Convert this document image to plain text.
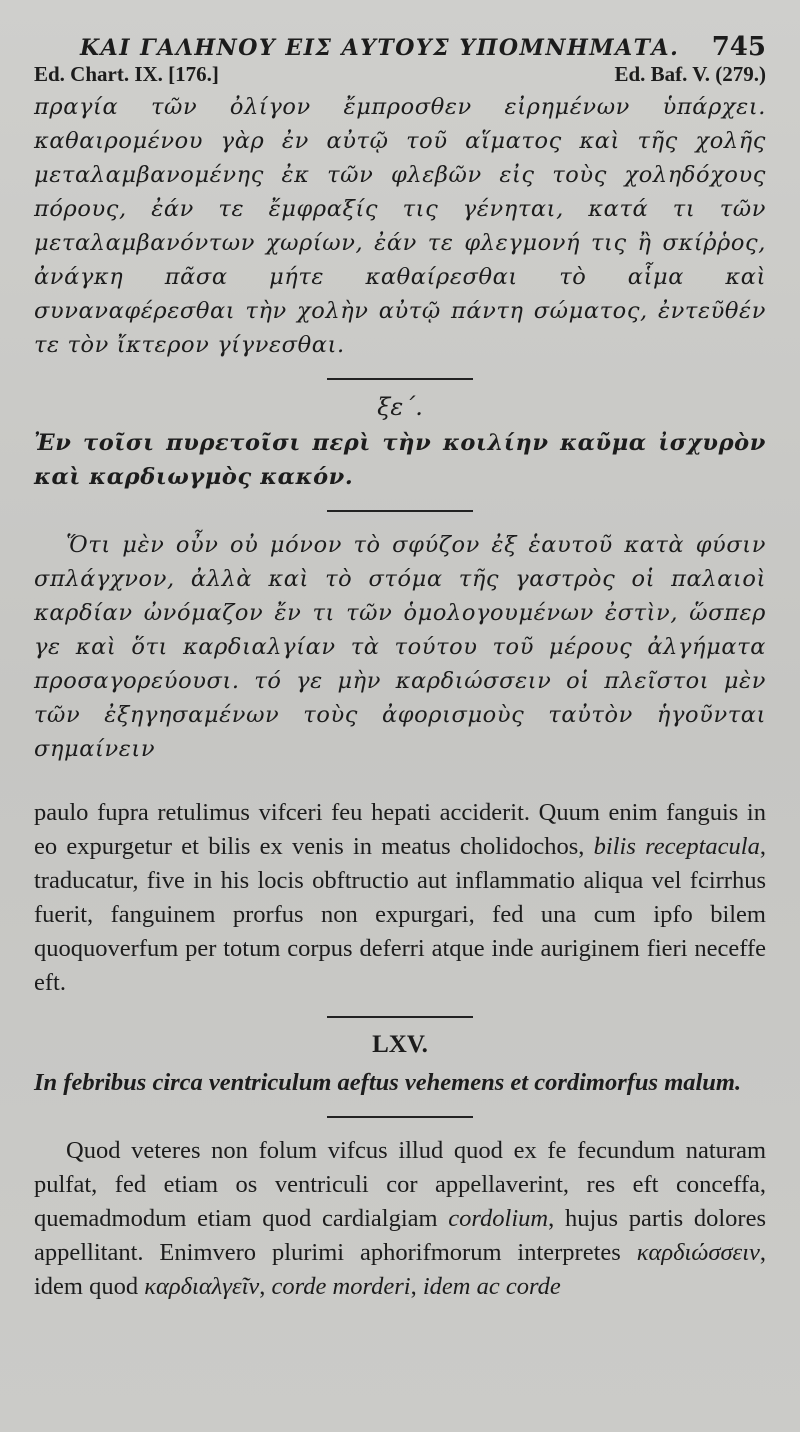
ΚΑΙ ΓΑΛΗΝΟΥ ΕΙΣ ΑΥΤΟΥΣ ΥΠΟΜΝΗΜΑΤΑ. 745
Ed. Chart. IX. [176.]	Ed. Baf. V. (279.)

πραγία τῶν ὀλίγον ἔμπροσθεν εἰρημένων ὑπάρχει. καθαιρομένου γὰρ ἐν αὐτῷ τοῦ αἵματος καὶ τῆς χολῆς μεταλαμβανομένης ἐκ τῶν φλεβῶν εἰς τοὺς χοληδόχους πόρους, ἐάν τε ἔμφραξίς τις γένηται, κατά τι τῶν μεταλαμβανόντων χωρίων, ἐάν τε φλεγμονή τις ἢ σκίῤῥος, ἀνάγκη πᾶσα μήτε καθαίρεσθαι τὸ αἷμα καὶ συναναφέρεσθαι τὴν χολὴν αὐτῷ πάντη σώματος, ἐντεῦθέν τε τὸν ἴκτερον γίγνεσθαι.

ξε΄.

Ἐν τοῖσι πυρετοῖσι περὶ τὴν κοιλίην καῦμα ἰσχυρὸν καὶ καρδιωγμὸς κακόν.

Ὅτι μὲν οὖν οὐ μόνον τὸ σφύζον ἐξ ἑαυτοῦ κατὰ φύσιν σπλάγχνον, ἀλλὰ καὶ τὸ στόμα τῆς γαστρὸς οἱ παλαιοὶ καρδίαν ὠνόμαζον ἔν τι τῶν ὁμολογουμένων ἐστὶν, ὥσπερ γε καὶ ὅτι καρδιαλγίαν τὰ τούτου τοῦ μέρους ἀλγήματα προσαγορεύουσι. τό γε μὴν καρδιώσσειν οἱ πλεῖστοι μὲν τῶν ἐξηγησαμένων τοὺς ἀφορισμοὺς ταὐτὸν ἡγοῦνται σημαίνειν

paulo fupra retulimus vifceri feu hepati acciderit. Quum enim fanguis in eo expurgetur et bilis ex venis in meatus cholidochos, bilis receptacula, traducatur, five in his locis obftructio aut inflammatio aliqua vel fcirrhus fuerit, fanguinem prorfus non expurgari, fed una cum ipfo bilem quoquoverfum per totum corpus deferri atque inde auriginem fieri neceffe eft.

LXV.

In febribus circa ventriculum aeftus vehemens et cordimorfus malum.

Quod veteres non folum vifcus illud quod ex fe fecundum naturam pulfat, fed etiam os ventriculi cor appellaverint, res eft conceffa, quemadmodum etiam quod cardialgiam cordolium, hujus partis dolores appellitant. Enimvero plurimi aphorifmorum interpretes καρδιώσσειν, idem quod καρδιαλγεῖν, corde morderi, idem ac corde
